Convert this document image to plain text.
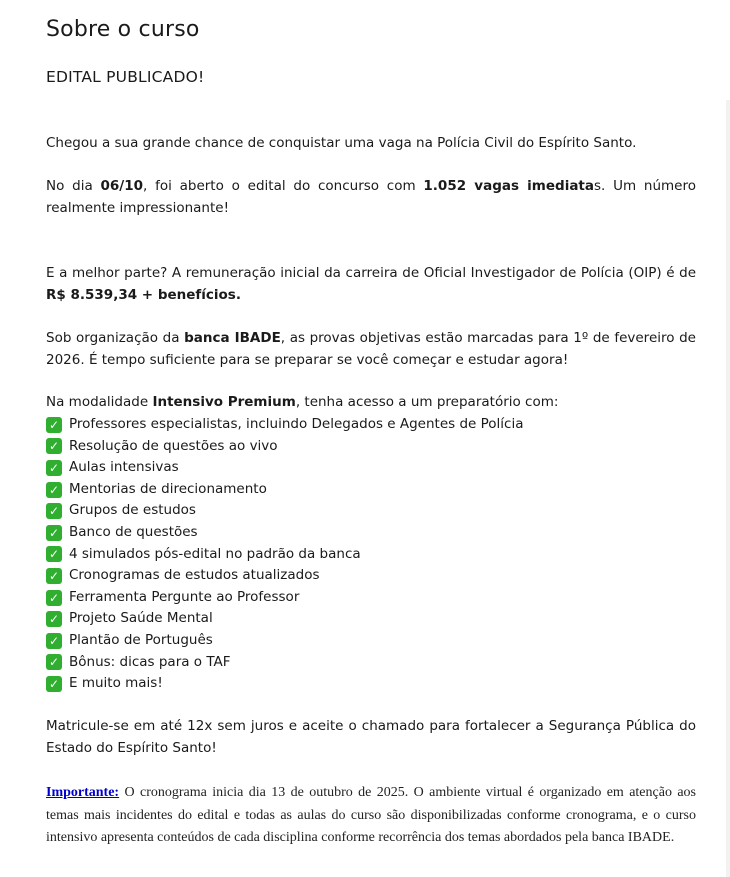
Sobre o curso
EDITAL PUBLICADO!

Chegou a sua grande chance de conquistar uma vaga na Polícia Civil do Espírito Santo.

No dia 06/10, foi aberto o edital do concurso com 1.052 vagas imediatas. Um número realmente impressionante!

E a melhor parte? A remuneração inicial da carreira de Oficial Investigador de Polícia (OIP) é de R$ 8.539,34 + benefícios.

Sob organização da banca IBADE, as provas objetivas estão marcadas para 1º de fevereiro de 2026. É tempo suficiente para se preparar se você começar e estudar agora!

Na modalidade Intensivo Premium, tenha acesso a um preparatório com:

✓ Professores especialistas, incluindo Delegados e Agentes de Polícia
✓ Resolução de questões ao vivo
✓ Aulas intensivas
✓ Mentorias de direcionamento
✓ Grupos de estudos
✓ Banco de questões
✓ 4 simulados pós-edital no padrão da banca
✓ Cronogramas de estudos atualizados
✓ Ferramenta Pergunte ao Professor
✓ Projeto Saúde Mental
✓ Plantão de Português
✓ Bônus: dicas para o TAF
✓ E muito mais!

Matricule-se em até 12x sem juros e aceite o chamado para fortalecer a Segurança Pública do Estado do Espírito Santo!

Importante: O cronograma inicia dia 13 de outubro de 2025. O ambiente virtual é organizado em atenção aos temas mais incidentes do edital e todas as aulas do curso são disponibilizadas conforme cronograma, e o curso intensivo apresenta conteúdos de cada disciplina conforme recorrência dos temas abordados pela banca IBADE.
